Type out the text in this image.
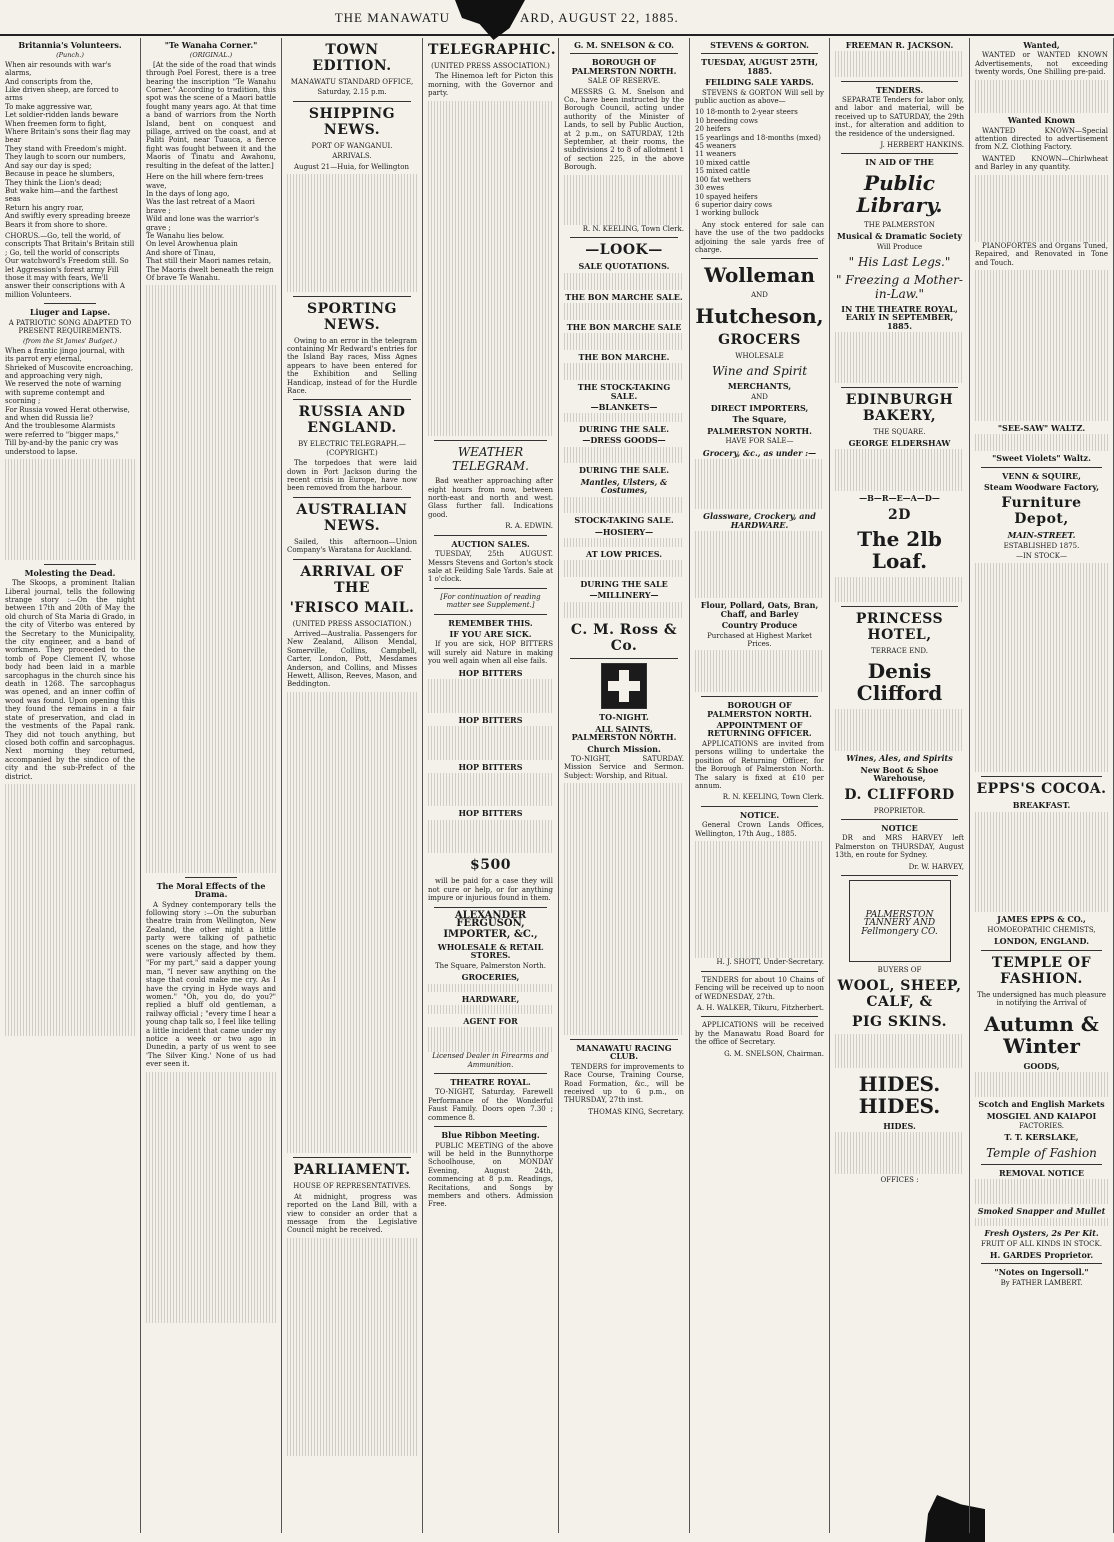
THE MANAWATU	ARD, AUGUST 22, 1885.
Britannia's Volunteers.
(Punch.)

When air resounds with war's alarms,
And conscripts from the,
Like driven sheep, are forced to arms
To make aggressive war,
Let soldier-ridden lands beware
When freemen form to fight,
Where Britain's sons their flag may bear
They stand with Freedom's might.
They laugh to scorn our numbers,
And say our day is sped;
Because in peace he slumbers,
They think the Lion's dead;
But wake him—and the farthest seas
Return his angry roar,
And swiftly every spreading breeze
Bears it from shore to shore.

CHORUS.—Go, tell the world, of conscripts That Britain's Britain still ; Go, tell the world of conscripts Our watchword's Freedom still. So let Aggression's forest army Fill those it may with fears, We'll answer their conscriptions with A million Volunteers.

Liuger and Lapse.
A PATRIOTIC SONG ADAPTED TO PRESENT REQUIREMENTS.
(from the St James' Budget.)

When a frantic jingo journal, with its parrot ery eternal,
Shrieked of Muscovite encroaching, and approaching very nigh,
We reserved the note of warning with supreme contempt and scorning ;
For Russia vowed Herat otherwise, and when did Russia lie?
And the troublesome Alarmists were referred to "bigger maps,"
Till by-and-by the panic cry was understood to lapse.

Molesting the Dead.

The Skoops, a prominent Italian Liberal journal, tells the following strange story :—On the night between 17th and 20th of May the old church of Sta Maria di Grado, in the city of Viterbo was entered by the Secretary to the Municipality, the city engineer, and a band of workmen. They proceeded to the tomb of Pope Clement IV, whose body had been laid in a marble sarcophagus in the church since his death in 1268. The sarcophagus was opened, and an inner coffin of wood was found. Upon opening this they found the remains in a fair state of preservation, and clad in the vestments of the Papal rank. They did not touch anything, but closed both coffin and sarcophagus. Next morning they returned, accompanied by the sindico of the city and the sub-Prefect of the district.

"Te Wanaha Corner."
(ORIGINAL.)

[At the side of the road that winds through Poel Forest, there is a tree bearing the inscription "Te Wanahu Corner." According to tradition, this spot was the scene of a Maori battle fought many years ago. At that time a band of warriors from the North Island, bent on conquest and pillage, arrived on the coast, and at Paliti Point, near Tuauca, a fierce fight was fought between it and the Maoris of Tinatu and Awahonu, resulting in the defeat of the latter.]

Here on the hill where fern-trees wave,
In the days of long ago,
Was the last retreat of a Maori brave ;
Wild and lone was the warrior's grave ;
Te Wanahu lies below.
On level Arowhenua plain
And shore of Tinau,
That still their Maori names retain,
The Maoris dwelt beneath the reign
Of brave Te Wanahu.

The Moral Effects of the Drama.

A Sydney contemporary tells the following story :—On the suburban theatre train from Wellington, New Zealand, the other night a little party were talking of pathetic scenes on the stage, and how they were variously affected by them. "For my part," said a dapper young man, "I never saw anything on the stage that could make me cry. As I have the crying in Hyde ways and women." "Oh, you do, do you?" replied a bluff old gentleman, a railway official ; "every time I hear a young chap talk so, I feel like telling a little incident that came under my notice a week or two ago in Dunedin, a party of us went to see 'The Silver King.' None of us had ever seen it.

TOWN EDITION.
MANAWATU STANDARD OFFICE,
Saturday, 2.15 p.m.
SHIPPING NEWS.
PORT OF WANGANUI.
ARRIVALS.

August 21—Huia, for Wellington

SPORTING NEWS.

Owing to an error in the telegram containing Mr Redward's entries for the Island Bay races, Miss Agnes appears to have been entered for the Exhibition and Selling Handicap, instead of for the Hurdle Race.

RUSSIA AND ENGLAND.
BY ELECTRIC TELEGRAPH.—(COPYRIGHT.)

The torpedoes that were laid down in Port Jackson during the recent crisis in Europe, have now been removed from the harbour.

AUSTRALIAN NEWS.

Sailed, this afternoon—Union Company's Waratana for Auckland.

ARRIVAL OF THE
'FRISCO MAIL.
(UNITED PRESS ASSOCIATION.)

Arrived—Australia. Passengers for New Zealand, Allison Mendal, Somerville, Collins, Campbell, Carter, London, Pott, Mesdames Anderson, and Collins, and Misses Hewett, Allison, Reeves, Mason, and Beddington.

PARLIAMENT.
HOUSE OF REPRESENTATIVES.

At midnight, progress was reported on the Land Bill, with a view to consider an order that a message from the Legislative Council might be received.

TELEGRAPHIC.
(UNITED PRESS ASSOCIATION.)

The Hinemoa left for Picton this morning, with the Governor and party.

WEATHER TELEGRAM.

Bad weather approaching after eight hours from now, between north-east and north and west. Glass further fall. Indications good.

R. A. EDWIN.

AUCTION SALES.

TUESDAY, 25th AUGUST. Messrs Stevens and Gorton's stock sale at Feilding Sale Yards. Sale at 1 o'clock.

[For continuation of reading matter see Supplement.]

REMEMBER THIS.
IF YOU ARE SICK.

If you are sick, HOP BITTERS will surely aid Nature in making you well again when all else fails.

HOP BITTERS
HOP BITTERS
HOP BITTERS
HOP BITTERS
$500

will be paid for a case they will not cure or help, or for anything impure or injurious found in them.

ALEXANDER FERGUSON,
IMPORTER, &C.,
WHOLESALE & RETAIL STORES.
The Square, Palmerston North.
GROCERIES,
HARDWARE,
AGENT FOR

Licensed Dealer in Firearms and Ammunition.

THEATRE ROYAL.

TO-NIGHT, Saturday, Farewell Performance of the Wonderful Faust Family. Doors open 7.30 ; commence 8.

Blue Ribbon Meeting.

PUBLIC MEETING of the above will be held in the Bunnythorpe Schoolhouse, on MONDAY Evening, August 24th, commencing at 8 p.m. Readings, Recitations, and Songs by members and others. Admission Free.

G. M. SNELSON & CO.
BOROUGH OF PALMERSTON NORTH.
SALE OF RESERVE.

MESSRS G. M. Snelson and Co., have been instructed by the Borough Council, acting under authority of the Minister of Lands, to sell by Public Auction, at 2 p.m., on SATURDAY, 12th September, at their rooms, the subdivisions 2 to 8 of allotment 1 of section 225, in the above Borough.

R. N. KEELING, Town Clerk.

—LOOK—
SALE QUOTATIONS.
THE BON MARCHE SALE.
THE BON MARCHE SALE
THE BON MARCHE.
THE STOCK-TAKING SALE.
—BLANKETS—
DURING THE SALE.
—DRESS GOODS—
DURING THE SALE.
Mantles, Ulsters, & Costumes,
STOCK-TAKING SALE.
—HOSIERY—
AT LOW PRICES.
DURING THE SALE
—MILLINERY—
C. M. Ross & Co.
TO-NIGHT.
ALL SAINTS, PALMERSTON NORTH.
Church Mission.

TO-NIGHT, SATURDAY. Mission Service and Sermon. Subject: Worship, and Ritual.

MANAWATU RACING CLUB.

TENDERS for improvements to Race Course, Training Course, Road Formation, &c., will be received up to 6 p.m., on THURSDAY, 27th inst.

THOMAS KING, Secretary.

STEVENS & GORTON.
TUESDAY, AUGUST 25TH, 1885.
FEILDING SALE YARDS.

STEVENS & GORTON Will sell by public auction as above—

10 18-month to 2-year steers
10 breeding cows
20 heifers
15 yearlings and 18-months (mxed)
45 weaners
11 weaners
10 mixed cattle
15 mixed cattle
100 fat wethers
30 ewes
10 spayed heifers
6 superior dairy cows
1 working bullock

Any stock entered for sale can have the use of the two paddocks adjoining the sale yards free of charge.

Wolleman
AND
Hutcheson,
GROCERS
WHOLESALE
Wine and Spirit
MERCHANTS,
AND
DIRECT IMPORTERS,
The Square,
PALMERSTON NORTH.
HAVE FOR SALE—
Grocery, &c., as under :—
Glassware, Crockery, and HARDWARE.
Flour, Pollard, Oats, Bran, Chaff, and Barley
Country Produce
Purchased at Highest Market Prices.
BOROUGH OF PALMERSTON NORTH.
APPOINTMENT OF RETURNING OFFICER.

APPLICATIONS are invited from persons willing to undertake the position of Returning Officer, for the Borough of Palmerston North. The salary is fixed at £10 per annum.

R. N. KEELING, Town Clerk.

NOTICE.

General Crown Lands Offices, Wellington, 17th Aug., 1885.

H. J. SHOTT, Under-Secretary.

TENDERS for about 10 Chains of Fencing will be received up to noon of WEDNESDAY, 27th.

A. H. WALKER, Tikuru, Fitzherbert.

APPLICATIONS will be received by the Manawatu Road Board for the office of Secretary.

G. M. SNELSON, Chairman.

FREEMAN R. JACKSON.
TENDERS.

SEPARATE Tenders for labor only, and labor and material, will be received up to SATURDAY, the 29th inst., for alteration and addition to the residence of the undersigned.

J. HERBERT HANKINS.

IN AID OF THE
Public Library.
THE PALMERSTON
Musical & Dramatic Society
Will Produce
" His Last Legs."
" Freezing a Mother-in-Law."
IN THE THEATRE ROYAL, EARLY IN SEPTEMBER, 1885.
EDINBURGH BAKERY,
THE SQUARE.
GEORGE ELDERSHAW
—B—R—E—A—D—
2D
The 2lb Loaf.
PRINCESS HOTEL,
TERRACE END.
Denis Clifford
Wines, Ales, and Spirits
New Boot & Shoe Warehouse,
D. CLIFFORD
PROPRIETOR.
NOTICE

DR and MRS HARVEY left Palmerston on THURSDAY, August 13th, en route for Sydney.

Dr. W. HARVEY,

PALMERSTON TANNERY AND Fellmongery CO.
BUYERS OF
WOOL, SHEEP, CALF, &
PIG SKINS.
HIDES. HIDES.
HIDES.
OFFICES :
Wanted,

WANTED or WANTED KNOWN Advertisements, not exceeding twenty words, One Shilling pre-paid.

Wanted Known

WANTED KNOWN—Special attention directed to advertisement from N.Z. Clothing Factory.

WANTED KNOWN—Chirlwheat and Barley in any quantity.

PIANOFORTES and Organs Tuned, Repaired, and Renovated in Tone and Touch.

"SEE-SAW" WALTZ.
"Sweet Violets" Waltz.
VENN & SQUIRE,
Steam Woodware Factory,
Furniture Depot,
MAIN-STREET.
ESTABLISHED 1875.
—IN STOCK—
EPPS'S COCOA.
BREAKFAST.
JAMES EPPS & CO.,
HOMOEOPATHIC CHEMISTS,
LONDON, ENGLAND.
TEMPLE OF FASHION.

The undersigned has much pleasure in notifying the Arrival of

Autumn & Winter
GOODS,
Scotch and English Markets
MOSGIEL AND KAIAPOI
FACTORIES.
T. T. KERSLAKE,
Temple of Fashion
REMOVAL NOTICE
Smoked Snapper and Mullet
Fresh Oysters, 2s Per Kit.
FRUIT OF ALL KINDS IN STOCK.
H. GARDES Proprietor.
"Notes on Ingersoll."
By FATHER LAMBERT.
